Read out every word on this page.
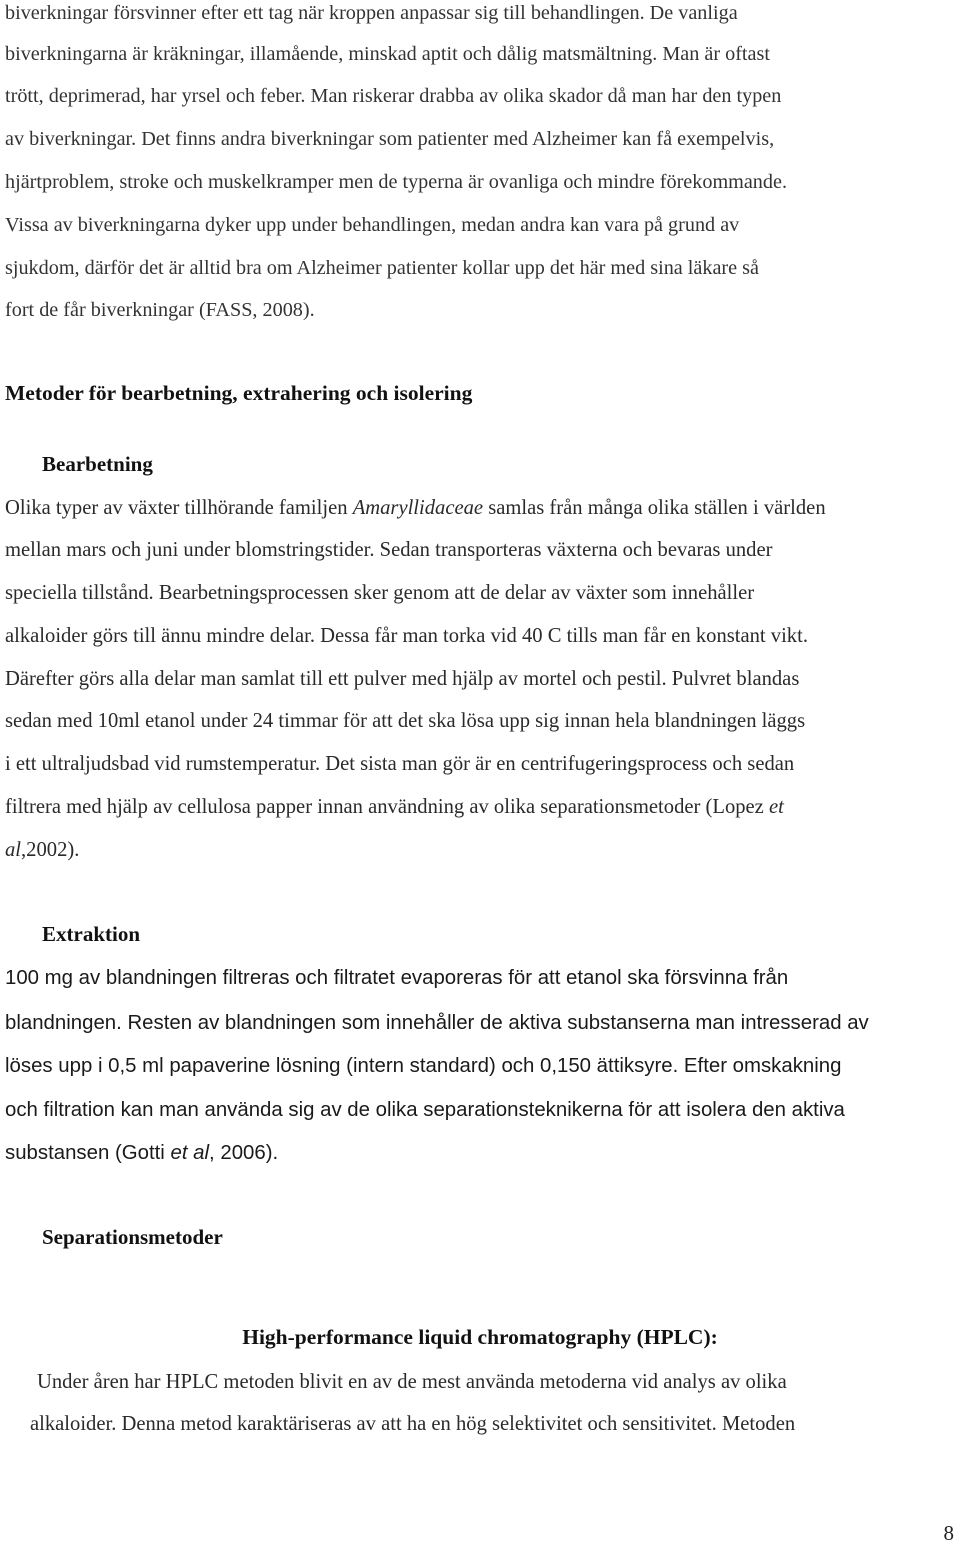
biverkningar försvinner efter ett tag när kroppen anpassar sig till behandlingen. De vanliga
biverkningarna är kräkningar, illamående, minskad aptit och dålig matsmältning. Man är oftast
trött, deprimerad, har yrsel och feber. Man riskerar drabba av olika skador då man har den typen
av biverkningar. Det finns andra biverkningar som patienter med Alzheimer kan få exempelvis,
hjärtproblem, stroke och muskelkramper men de typerna är ovanliga och mindre förekommande.
Vissa av biverkningarna dyker upp under behandlingen, medan andra kan vara på grund av
sjukdom, därför det är alltid bra om Alzheimer patienter kollar upp det här med sina läkare så
fort de får biverkningar (FASS, 2008).
Metoder för bearbetning, extrahering och isolering
Bearbetning
Olika typer av växter tillhörande familjen Amaryllidaceae samlas från många olika ställen i världen
mellan mars och juni under blomstringstider. Sedan transporteras växterna och bevaras under
speciella tillstånd. Bearbetningsprocessen sker genom att de delar av växter som innehåller
alkaloider görs till ännu mindre delar. Dessa får man torka vid 40 C tills man får en konstant vikt.
Därefter görs alla delar man samlat till ett pulver med hjälp av mortel och pestil. Pulvret blandas
sedan med 10ml etanol under 24 timmar för att det ska lösa upp sig innan hela blandningen läggs
i ett ultraljudsbad vid rumstemperatur. Det sista man gör är en centrifugeringsprocess och sedan
filtrera med hjälp av cellulosa papper innan användning av olika separationsmetoder (Lopez et
al,2002).
Extraktion
100 mg av blandningen filtreras och filtratet evaporeras för att etanol ska försvinna från
blandningen. Resten av blandningen som innehåller de aktiva substanserna man intresserad av
löses upp i 0,5 ml papaverine lösning (intern standard) och 0,150 ättiksyre. Efter omskakning
och filtration kan man använda sig av de olika separationsteknikerna för att isolera den aktiva
substansen (Gotti et al, 2006).
Separationsmetoder
High-performance liquid chromatography (HPLC):
Under åren har HPLC metoden blivit en av de mest använda metoderna vid analys av olika
alkaloider. Denna metod karaktäriseras av att ha en hög selektivitet och sensitivitet. Metoden
8
